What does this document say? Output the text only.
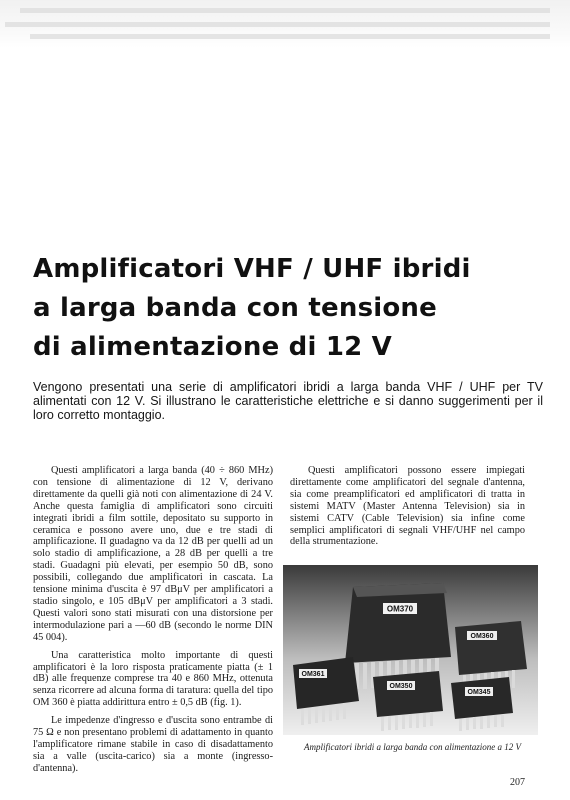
Amplificatori VHF / UHF ibridi
a larga banda con tensione
di alimentazione di 12 V

Vengono presentati una serie di amplificatori ibridi a larga banda VHF / UHF per TV alimentati con 12 V. Si illustrano le caratteristiche elettriche e si danno suggerimenti per il loro corretto montaggio.

Questi amplificatori a larga banda (40 ÷ 860 MHz) con tensione di alimentazione di 12 V, derivano direttamente da quelli già noti con alimentazione di 24 V. Anche questa famiglia di amplificatori sono circuiti integrati ibridi a film sottile, depositato su supporto in ceramica e possono avere uno, due e tre stadi di amplificazione. Il guadagno va da 12 dB per quelli ad un solo stadio di amplificazione, a 28 dB per quelli a tre stadi. Guadagni più elevati, per esempio 50 dB, sono possibili, collegando due amplificatori in cascata. La tensione minima d'uscita è 97 dBμV per amplificatori a stadio singolo, e 105 dBμV per amplificatori a 3 stadi. Questi valori sono stati misurati con una distorsione per intermodulazione pari a —60 dB (secondo le norme DIN 45 004).

Una caratteristica molto importante di questi amplificatori è la loro risposta praticamente piatta (± 1 dB) alle frequenze comprese tra 40 e 860 MHz, ottenuta senza ricorrere ad alcuna forma di taratura: quella del tipo OM 360 è piatta addirittura entro ± 0,5 dB (fig. 1).

Le impedenze d'ingresso e d'uscita sono entrambe di 75 Ω e non presentano problemi di adattamento in quanto l'amplificatore rimane stabile in caso di disadattamento sia a valle (uscita-carico) sia a monte (ingresso-d'antenna).

Questi amplificatori possono essere impiegati direttamente come amplificatori del segnale d'antenna, sia come preamplificatori ed amplificatori di tratta in sistemi MATV (Master Antenna Television) sia in sistemi CATV (Cable Television) sia infine come semplici amplificatori di segnali VHF/UHF nel campo della strumentazione.

OM370
OM360
OM361
OM350
OM345
Amplificatori ibridi a larga banda con alimentazione a 12 V
207
